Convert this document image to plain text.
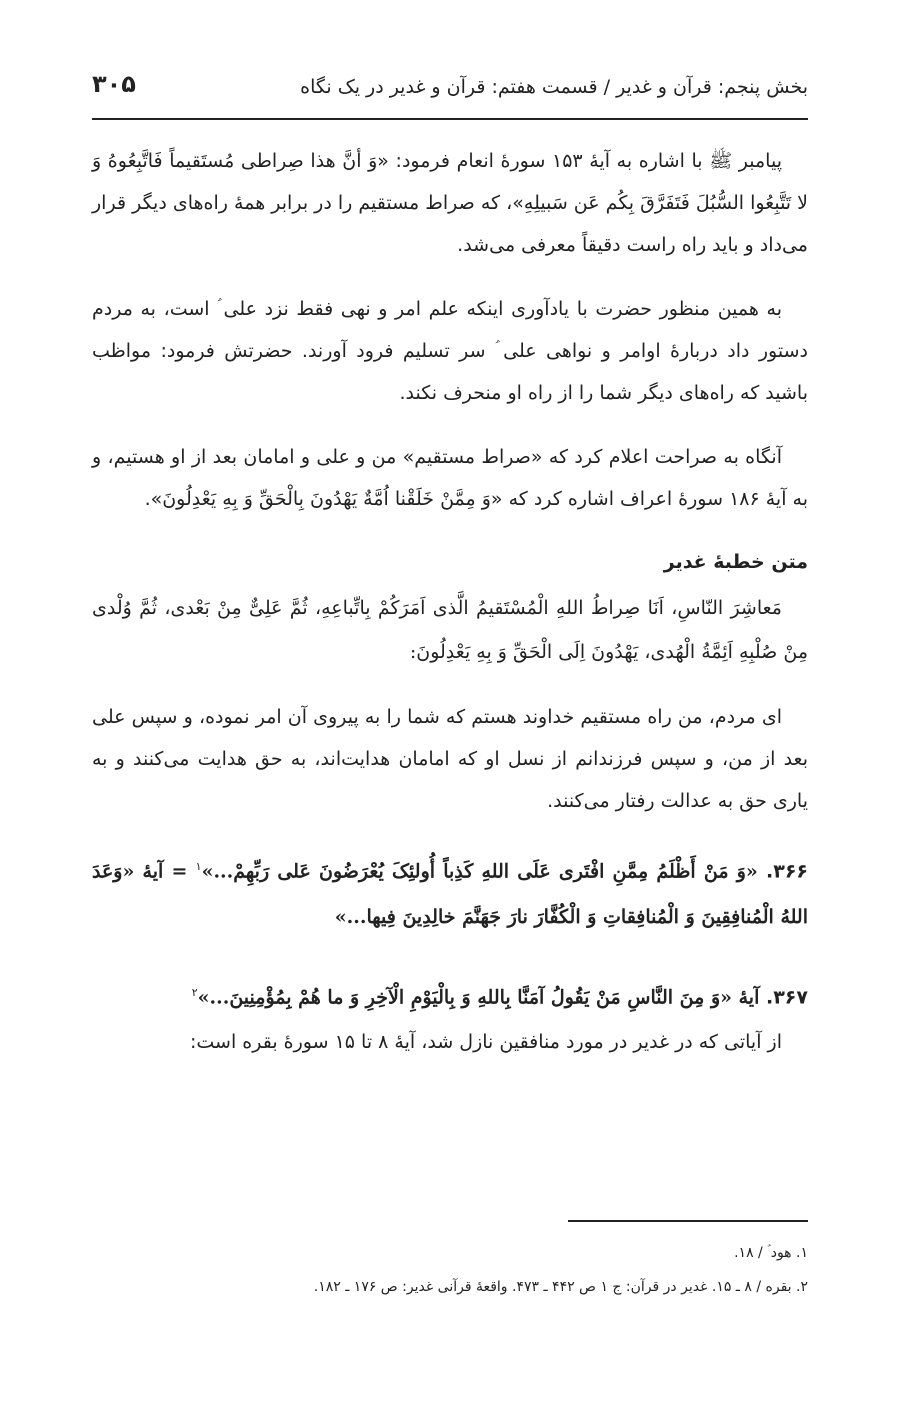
بخش پنجم: قرآن و غدیر / قسمت هفتم: قرآن و غدیر در یک نگاه
۳۰۵

پیامبر ﷺ با اشاره به آیهٔ ۱۵۳ سورهٔ انعام فرمود: «وَ أنَّ هذا صِراطی مُستَقیماً فَاتَّبِعُوهُ وَ لا تَتَّبِعُوا السُّبُلَ فَتَفَرَّقَ بِکُم عَن سَبیلِهِ»، که صراط مستقیم را در برابر همهٔ راه‌های دیگر قرار می‌داد و باید راه راست دقیقاً معرفی می‌شد.

به همین منظور حضرت با یادآوری اینکه علم امر و نهی فقط نزد علی ؑ است، به مردم دستور داد دربارهٔ اوامر و نواهی علی ؑ سر تسلیم فرود آورند. حضرتش فرمود: مواظب باشید که راه‌های دیگر شما را از راه او منحرف نکند.

آنگاه به صراحت اعلام کرد که «صراط مستقیم» من و علی و امامان بعد از او هستیم، و به آیهٔ ۱۸۶ سورهٔ اعراف اشاره کرد که «وَ مِمَّنْ خَلَقْنا اُمَّةٌ یَهْدُونَ بِالْحَقِّ وَ بِهِ یَعْدِلُونَ».

متن خطبهٔ غدیر

مَعاشِرَ النّاسِ، اَنَا صِراطُ اللهِ الْمُسْتَقیمُ الَّذی اَمَرَکُمْ بِاتِّباعِهِ، ثُمَّ عَلِیٌّ مِنْ بَعْدی، ثُمَّ وُلْدی مِنْ صُلْبِهِ اَئِمَّةُ الْهُدی، یَهْدُونَ اِلَی الْحَقِّ وَ بِهِ یَعْدِلُونَ:

ای مردم، من راه مستقیم خداوند هستم که شما را به پیروی آن امر نموده، و سپس علی بعد از من، و سپس فرزندانم از نسل او که امامان هدایت‌اند، به حق هدایت می‌کنند و به یاری حق به عدالت رفتار می‌کنند.

۳۶۶. «وَ مَنْ أَظْلَمُ مِمَّنِ افْتَری عَلَی اللهِ کَذِباً أُولئِکَ یُعْرَضُونَ عَلی رَبِّهِمْ...»$^۱$ = آیهٔ «وَعَدَ اللهُ الْمُنافِقِینَ وَ الْمُنافِقاتِ وَ الْکُفَّارَ نارَ جَهَنَّمَ خالِدِینَ فِیها...»

۳۶۷. آیهٔ «وَ مِنَ النَّاسِ مَنْ یَقُولُ آمَنَّا بِاللهِ وَ بِالْیَوْمِ الْآخِرِ وَ ما هُمْ بِمُؤْمِنِینَ...»$^۲$

از آیاتی که در غدیر در مورد منافقین نازل شد، آیهٔ ۸ تا ۱۵ سورهٔ بقره است:

۱. هود ؑ / ۱۸.
۲. بقره / ۸ ـ ۱۵. غدیر در قرآن: ج ۱ ص ۴۴۲ ـ ۴۷۳. واقعهٔ قرآنی غدیر: ص ۱۷۶ ـ ۱۸۲.
